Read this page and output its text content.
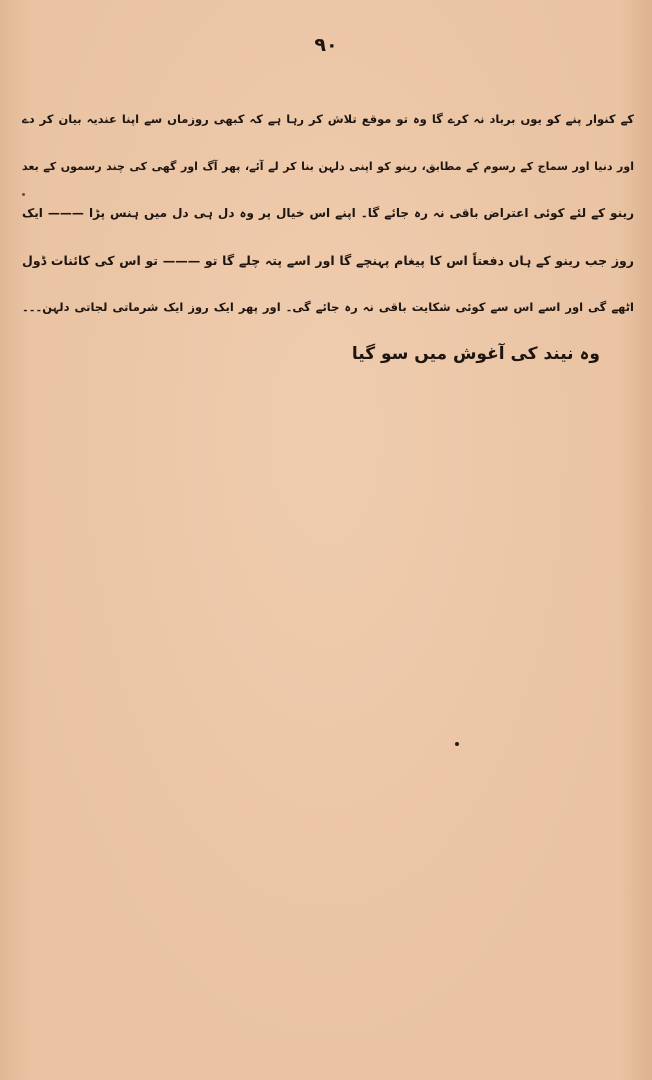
۹۰
کے کنوار پنے کو یوں برباد نہ کرے گا وہ تو موقع تلاش کر رہا ہے کہ کبھی روزماں سے اپنا عندیہ بیان کر دے
اور دنیا اور سماج کے رسوم کے مطابق، رینو کو اپنی دلہن بنا کر لے آئے، پھر آگ اور گھی کی چند رسموں کے بعد
رینو کے لئے کوئی اعتراض باقی نہ رہ جائے گا۔ اپنے اس خیال پر وہ دل ہی دل میں ہنس پڑا ——— ایک
روز جب رینو کے ہاں دفعتاً اس کا پیغام پہنچے گا اور اسے پتہ چلے گا تو ——— تو اس کی کائنات ڈول
اٹھے گی اور اسے اس سے کوئی شکایت باقی نہ رہ جائے گی۔ اور پھر ایک روز ایک شرماتی لجاتی دلہن۔۔۔
وہ نیند کی آغوش میں سو گیا
